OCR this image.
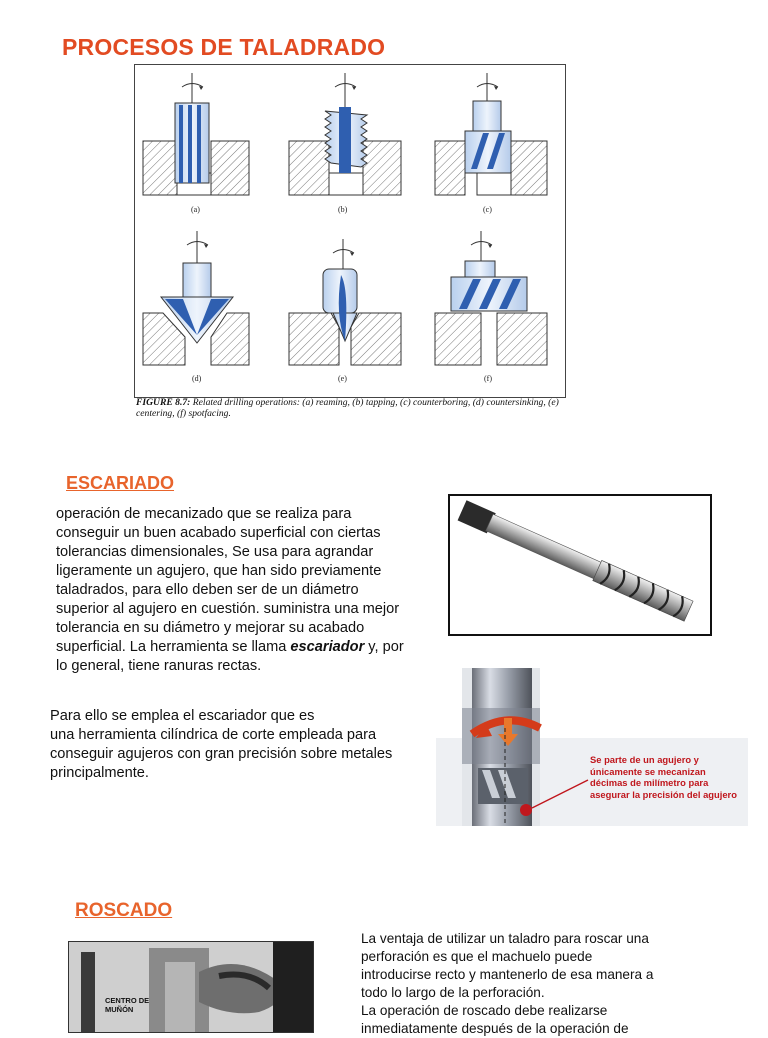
PROCESOS DE TALADRADO
(a)	(b)	(c)
(d)	(e)	(f)
FIGURE 8.7: Related drilling operations: (a) reaming, (b) tapping, (c) counterboring, (d) countersinking, (e) centering, (f) spotfacing.
ESCARIADO
operación de mecanizado que se realiza para
conseguir un buen acabado superficial con ciertas
tolerancias dimensionales, Se usa para agrandar
ligeramente un agujero, que han sido previamente
taladrados, para ello deben ser de un diámetro
superior al agujero en cuestión. suministra una mejor
tolerancia en su diámetro y mejorar su acabado
superficial. La herramienta se llama escariador y, por
lo general, tiene ranuras rectas.
Para ello se emplea el escariador que es
una herramienta cilíndrica de corte empleada para
conseguir agujeros con gran precisión sobre metales
principalmente.
Se parte de un agujero y
únicamente se mecanizan
décimas de milímetro para
asegurar la precisión del agujero
ROSCADO
CENTRO DE
MUÑÓN
La ventaja de utilizar un taladro para roscar una
perforación es que el machuelo puede
introducirse recto y mantenerlo de esa manera a
todo lo largo de la perforación.
La operación de roscado debe realizarse
inmediatamente después de la operación de
